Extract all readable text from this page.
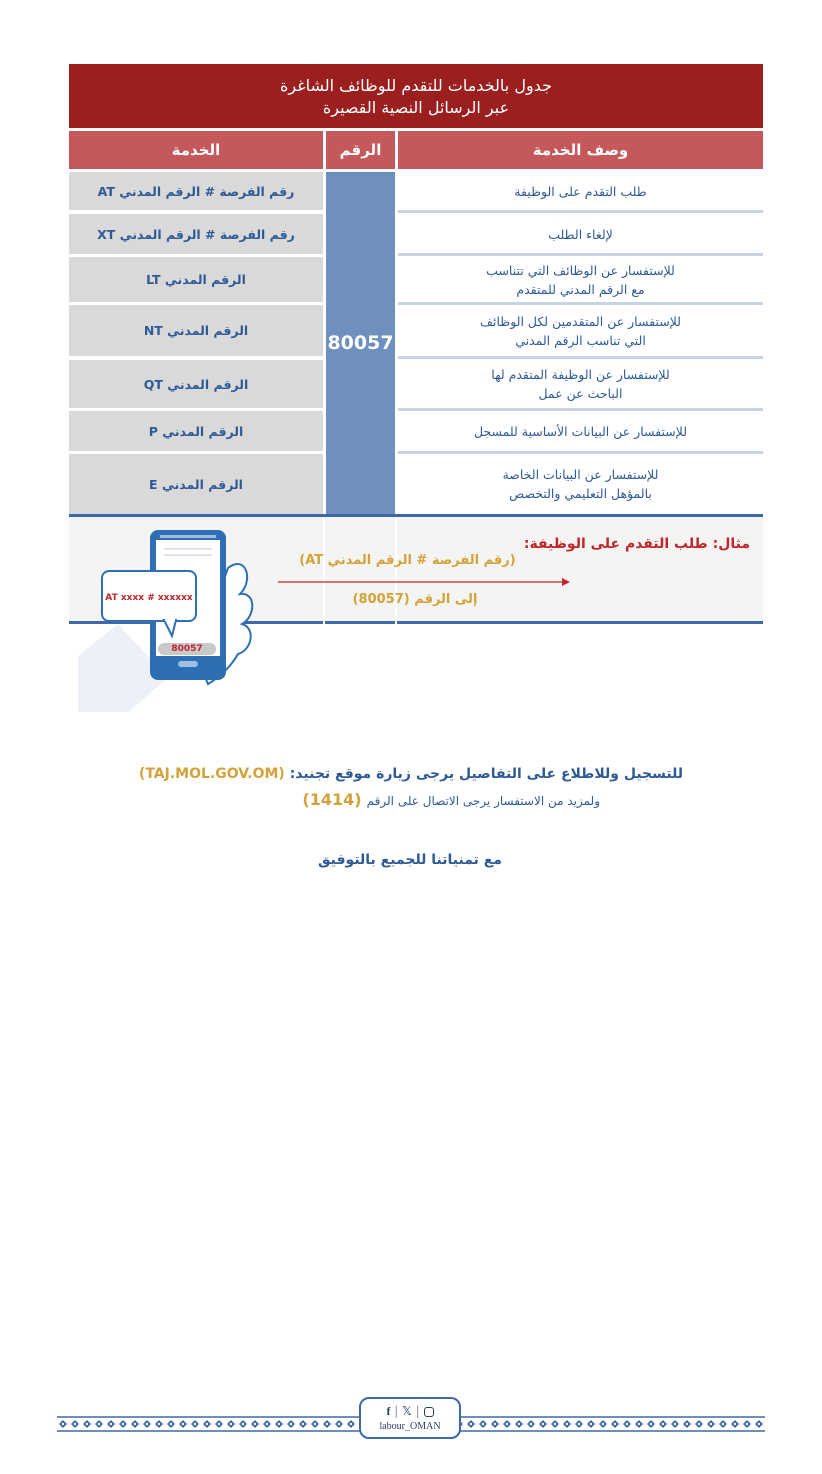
جدول بالخدمات للتقدم للوظائف الشاغرة
عبر الرسائل النصية القصيرة
الخدمة	الرقم	وصف الخدمة
رقم الفرصة # الرقم المدني AT
رقم الفرصة # الرقم المدني XT
الرقم المدني LT
الرقم المدني NT
الرقم المدني QT
الرقم المدني P
الرقم المدني E
80057
طلب التقدم على الوظيفة
لإلغاء الطلب
للإستفسار عن الوظائف التي تتناسب
مع الرقم المدني للمتقدم
للإستفسار عن المتقدمين لكل الوظائف
التي تناسب الرقم المدني
للإستفسار عن الوظيفة المتقدم لها
الباحث عن عمل
للإستفسار عن البيانات الأساسية للمسجل
للإستفسار عن البيانات الخاصة
بالمؤهل التعليمي والتخصص
مثال: طلب التقدم على الوظيفة:
(رقم الفرصة # الرقم المدني AT)
إلى الرقم (80057)
80057
AT xxxx # xxxxxx
للتسجيل وللاطلاع على التفاصيل يرجى زيارة موقع تجنيد: (TAJ.MOL.GOV.OM)
ولمزيد من الاستفسار يرجى الاتصال على الرقم (1414)
مع تمنياتنا للجميع بالتوفيق
f | 𝕏 |
labour_OMAN
